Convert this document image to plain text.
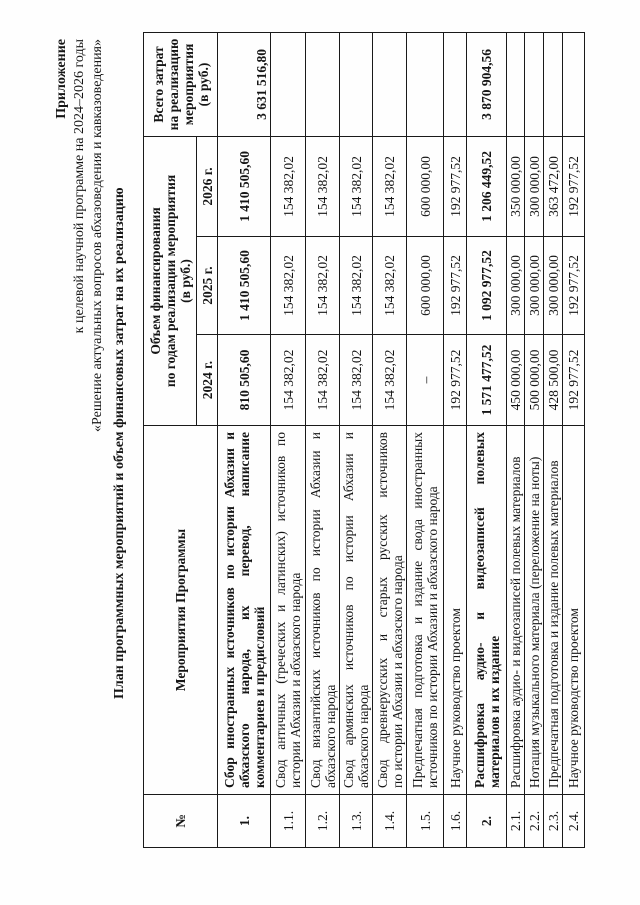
Приложение к целевой научной программе на 2024–2026 годы «Решение актуальных вопросов абхазоведения и кавказоведения» План программных мероприятий и объем финансовых затрат на их реализацию
№	Мероприятия Программы	Объем финансирования по годам реализации мероприятия (в руб.)			Всего затрат на реализацию мероприятия (в руб.)

		2024 г.	2025 г.	2026 г.	
1.	Сбор иностранных источников по истории Абхазии и абхазского народа, их перевод, написание комментариев и предисловий	810 505,60	1 410 505,60	1 410 505,60	3 631 516,80
1.1.	Свод античных (греческих и латинских) источников по истории Абхазии и абхазского народа	154 382,02	154 382,02	154 382,02	
1.2.	Свод византийских источников по истории Абхазии и абхазского народа	154 382,02	154 382,02	154 382,02	
1.3.	Свод армянских источников по истории Абхазии и абхазского народа	154 382,02	154 382,02	154 382,02	
1.4.	Свод древнерусских и старых русских источников по истории Абхазии и абхазского народа	154 382,02	154 382,02	154 382,02	
1.5.	Предпечатная подготовка и издание свода иностранных источников по истории Абхазии и абхазского народа	–	600 000,00	600 000,00	
1.6.	Научное руководство проектом	192 977,52	192 977,52	192 977,52	
2.	Расшифровка аудио- и видеозаписей полевых материалов и их издание	1 571 477,52	1 092 977,52	1 206 449,52	3 870 904,56
2.1.	Расшифровка аудио- и видеозаписей полевых материалов	450 000,00	300 000,00	350 000,00	
2.2.	Нотация музыкального материала (переложение на ноты)	500 000,00	300 000,00	300 000,00	
2.3.	Предпечатная подготовка и издание полевых материалов	428 500,00	300 000,00	363 472,00	
2.4.	Научное руководство проектом	192 977,52	192 977,52	192 977,52	
